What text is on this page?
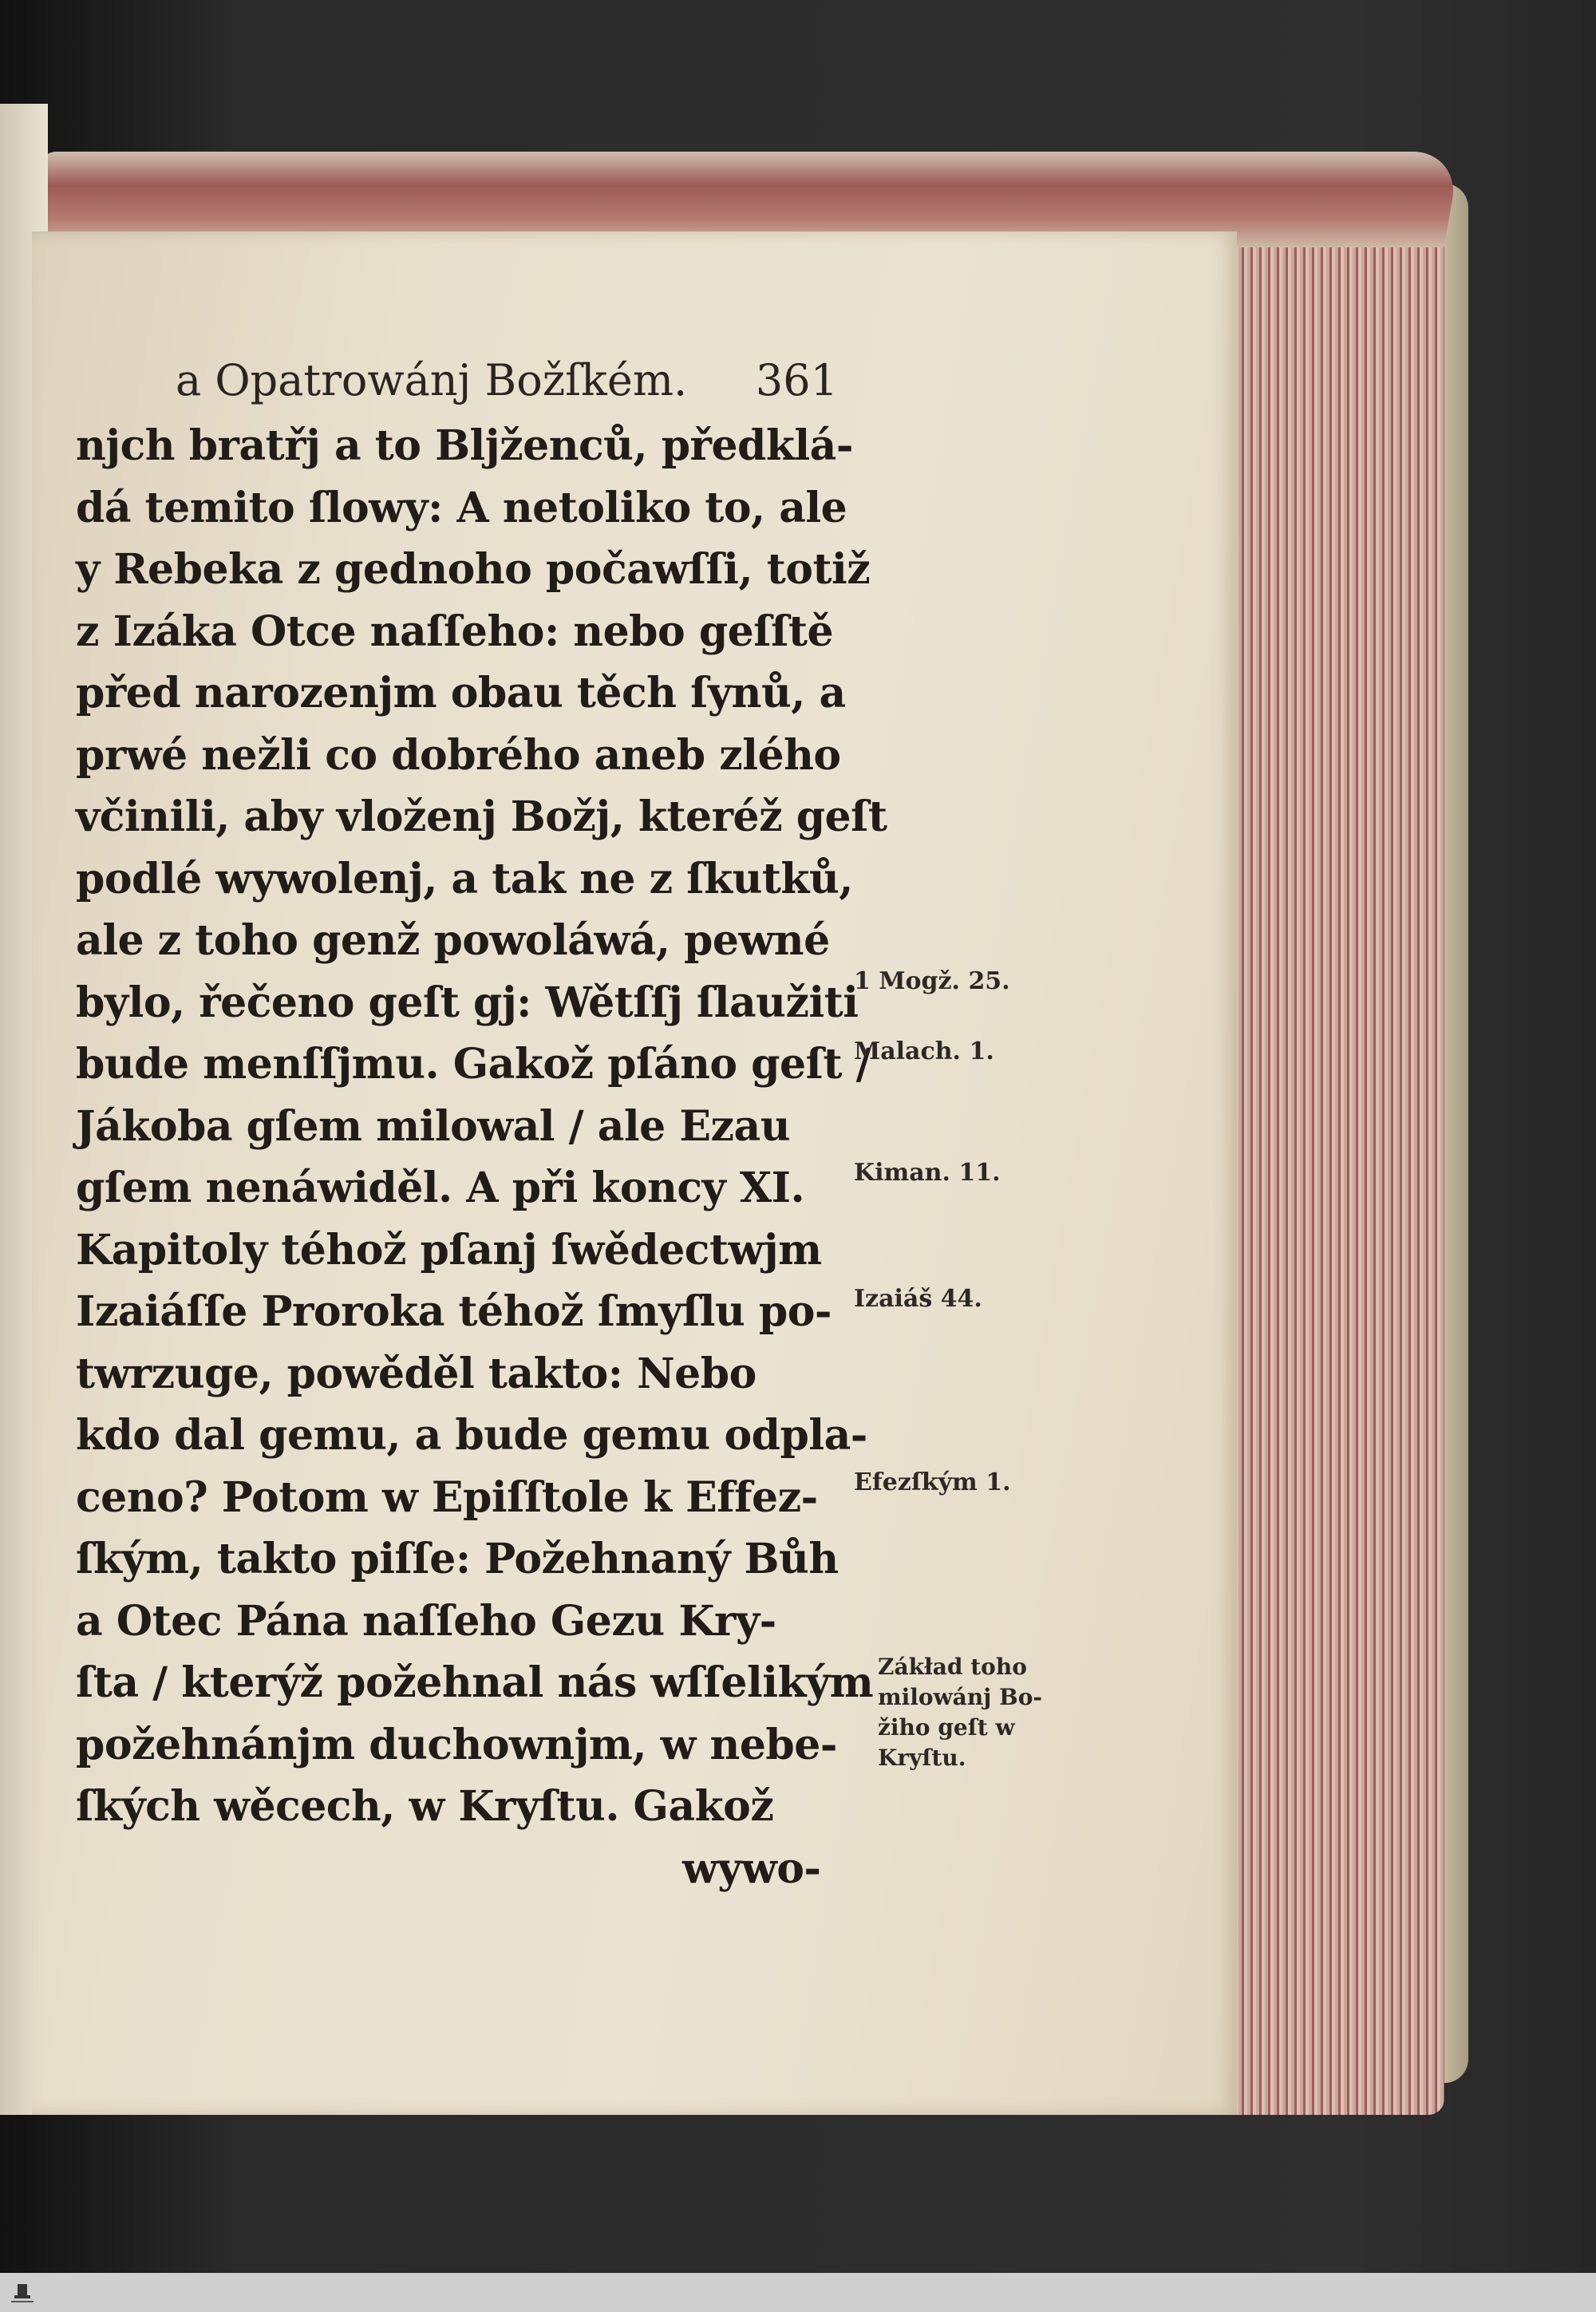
a Opatrowánj Božſkém. 361
njch bratřj a to Bljženců, předklá-
dá temito ſlowy: A netoliko to, ale
y Rebeka z gednoho počawſſi, totiž
z Izáka Otce naſſeho: nebo geſſtě
před narozenjm obau těch ſynů, a
prwé nežli co dobrého aneb zlého
včinili, aby vloženj Božj, kteréž geſt
podlé wywolenj, a tak ne z ſkutků,
ale z toho genž powoláwá, pewné
bylo, řečeno geſt gj: Wětſſj ſlaužiti
bude menſſjmu. Gakož pſáno geſt /
Jákoba gſem milowal / ale Ezau
gſem nenáwiděl. A při koncy XI.
Kapitoly téhož pſanj ſwědectwjm
Izaiáſſe Proroka téhož ſmyſlu po-
twrzuge, powěděl takto: Nebo
kdo dal gemu, a bude gemu odpla-
ceno? Potom w Epiſſtole k Effez-
ſkým, takto piſſe: Požehnaný Bůh
a Otec Pána naſſeho Gezu Kry-
ſta / kterýž požehnal nás wſſelikým
požehnánjm duchownjm, w nebe-
ſkých wěcech, w Kryſtu. Gakož
wywo-
1 Mogž. 25.
Malach. 1.
Kiman. 11.
Izaiáš 44.
Efezſkým 1.
Zákład toho
milowánj Bo-
žiho geſt w
Kryſtu.
